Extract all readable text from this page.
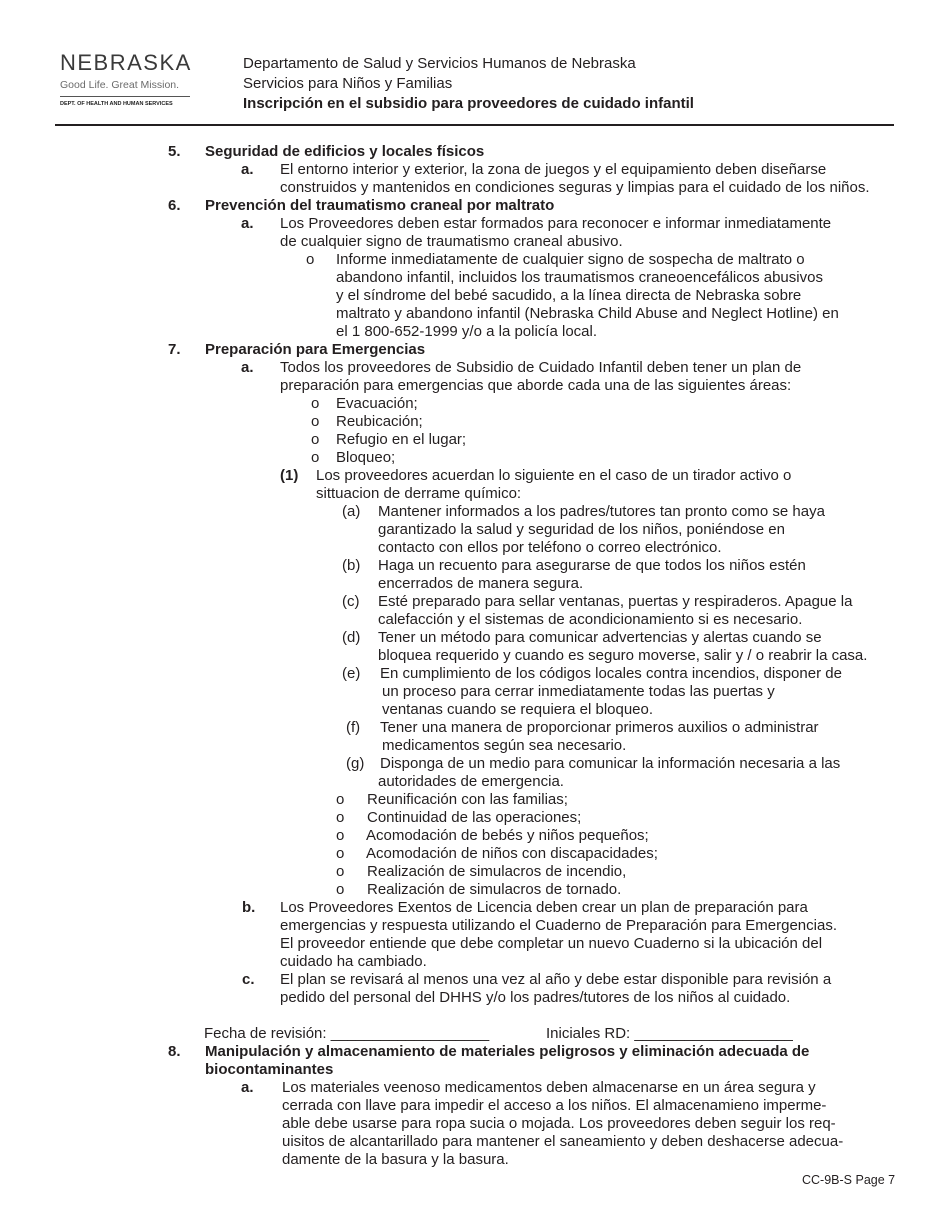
NEBRASKA
Good Life. Great Mission.
DEPT. OF HEALTH AND HUMAN SERVICES
Departamento de Salud y Servicios Humanos de Nebraska
Servicios para Niños y Familias
Inscripción en el subsidio para proveedores de cuidado infantil
5. Seguridad de edificios y locales físicos
a. El entorno interior y exterior, la zona de juegos y el equipamiento deben diseñarse
construidos y mantenidos en condiciones seguras y limpias para el cuidado de los niños.
6. Prevención del traumatismo craneal por maltrato
a. Los Proveedores deben estar formados para reconocer e informar inmediatamente
de cualquier signo de traumatismo craneal abusivo.
o Informe inmediatamente de cualquier signo de sospecha de maltrato o
abandono infantil, incluidos los traumatismos craneoencefálicos abusivos
y el síndrome del bebé sacudido, a la línea directa de Nebraska sobre
maltrato y abandono infantil (Nebraska Child Abuse and Neglect Hotline) en
el 1 800-652-1999 y/o a la policía local.
7. Preparación para Emergencias
a. Todos los proveedores de Subsidio de Cuidado Infantil deben tener un plan de
preparación para emergencias que aborde cada una de las siguientes áreas:
o Evacuación;
o Reubicación;
o Refugio en el lugar;
o Bloqueo;
(1) Los proveedores acuerdan lo siguiente en el caso de un tirador activo o
sittuacion de derrame químico:
(a) Mantener informados a los padres/tutores tan pronto como se haya
garantizado la salud y seguridad de los niños, poniéndose en
contacto con ellos por teléfono o correo electrónico.
(b) Haga un recuento para asegurarse de que todos los niños estén
encerrados de manera segura.
(c) Esté preparado para sellar ventanas, puertas y respiraderos. Apague la
calefacción y el sistemas de acondicionamiento si es necesario.
(d) Tener un método para comunicar advertencias y alertas cuando se
bloquea requerido y cuando es seguro moverse, salir y / o reabrir la casa.
(e) En cumplimiento de los códigos locales contra incendios, disponer de
un proceso para cerrar inmediatamente todas las puertas y
ventanas cuando se requiera el bloqueo.
(f) Tener una manera de proporcionar primeros auxilios o administrar
medicamentos según sea necesario.
(g) Disponga de un medio para comunicar la información necesaria a las
autoridades de emergencia.
o Reunificación con las familias;
o Continuidad de las operaciones;
o Acomodación de bebés y niños pequeños;
o Acomodación de niños con discapacidades;
o Realización de simulacros de incendio,
o Realización de simulacros de tornado.
b. Los Proveedores Exentos de Licencia deben crear un plan de preparación para
emergencias y respuesta utilizando el Cuaderno de Preparación para Emergencias.
El proveedor entiende que debe completar un nuevo Cuaderno si la ubicación del
cuidado ha cambiado.
c. El plan se revisará al menos una vez al año y debe estar disponible para revisión a
pedido del personal del DHHS y/o los padres/tutores de los niños al cuidado.
Fecha de revisión: ___________________	Iniciales RD: ___________________
8. Manipulación y almacenamiento de materiales peligrosos y eliminación adecuada de
biocontaminantes
a. Los materiales veenoso medicamentos deben almacenarse en un área segura y
cerrada con llave para impedir el acceso a los niños. El almacenamieno imperme-
able debe usarse para ropa sucia o mojada. Los proveedores deben seguir los req-
uisitos de alcantarillado para mantener el saneamiento y deben deshacerse adecua-
damente de la basura y la basura.
CC-9B-S Page 7
